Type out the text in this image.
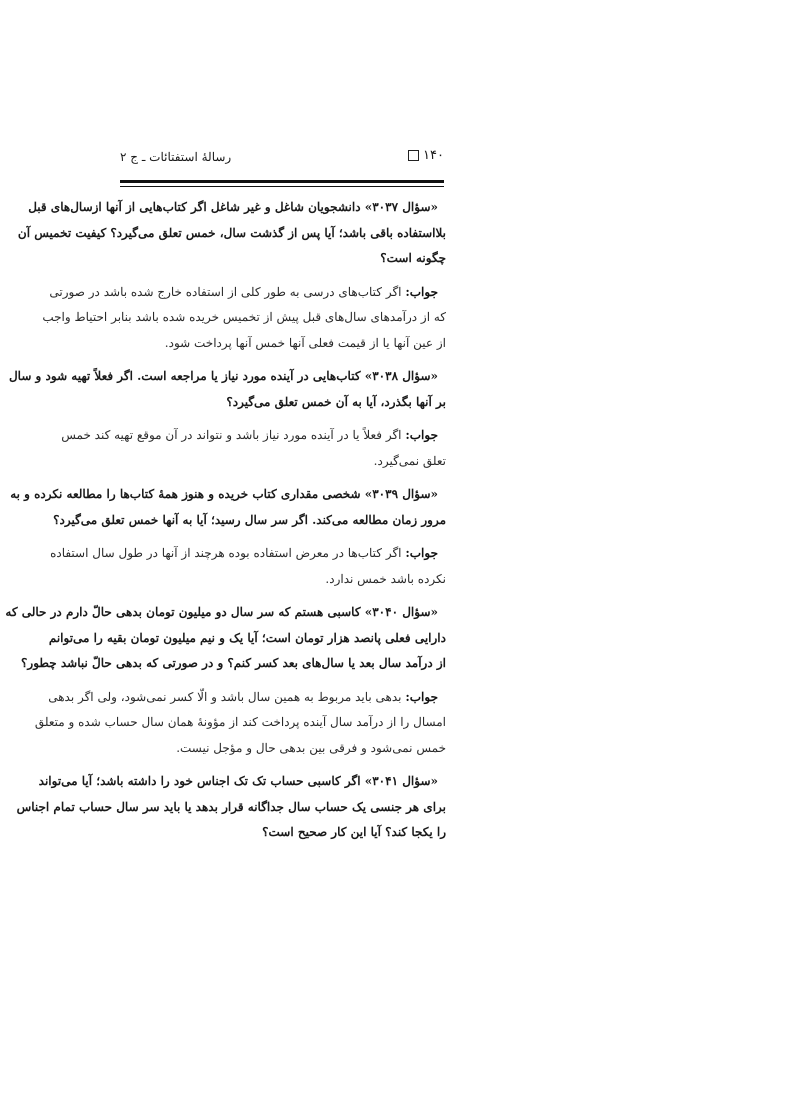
رسالهٔ استفتائات ـ ج ۲	۱۴۰
«سؤال ۳۰۳۷» دانشجویان شاغل و غیر شاغل اگر کتاب‌هایی از آنها ازسال‌های قبل
بلااستفاده باقی باشد؛ آیا پس از گذشت سال، خمس تعلق می‌گیرد؟ کیفیت تخمیس آن
چگونه است؟
جواب: اگر کتاب‌های درسی به طور کلی از استفاده خارج شده باشد در صورتی
که از درآمدهای سال‌های قبل پیش از تخمیس خریده شده باشد بنابر احتیاط واجب
از عین آنها یا از قیمت فعلی آنها خمس آنها پرداخت شود.
«سؤال ۳۰۳۸» کتاب‌هایی در آینده مورد نیاز یا مراجعه است. اگر فعلاً تهیه شود و سال
بر آنها بگذرد، آیا به آن خمس تعلق می‌گیرد؟
جواب: اگر فعلاً یا در آینده مورد نیاز باشد و نتواند در آن موقع تهیه کند خمس
تعلق نمی‌گیرد.
«سؤال ۳۰۳۹» شخصی مقداری کتاب خریده و هنوز همهٔ کتاب‌ها را مطالعه نکرده و به
مرور زمان مطالعه می‌کند. اگر سر سال رسید؛ آیا به آنها خمس تعلق می‌گیرد؟
جواب: اگر کتاب‌ها در معرض استفاده بوده هرچند از آنها در طول سال استفاده
نکرده باشد خمس ندارد.
«سؤال ۳۰۴۰» کاسبی هستم که سر سال دو میلیون تومان بدهی حالّ دارم در حالی که
دارایی فعلی پانصد هزار تومان است؛ آیا یک و نیم میلیون تومان بقیه را می‌توانم
از درآمد سال بعد یا سال‌های بعد کسر کنم؟ و در صورتی که بدهی حالّ نباشد چطور؟
جواب: بدهی باید مربوط به همین سال باشد و الّا کسر نمی‌شود، ولی اگر بدهی
امسال را از درآمد سال آینده پرداخت کند از مؤونهٔ همان سال حساب شده و متعلق
خمس نمی‌شود و فرقی بین بدهی حال و مؤجل نیست.
«سؤال ۳۰۴۱» اگر کاسبی حساب تک تک اجناس خود را داشته باشد؛ آیا می‌تواند
برای هر جنسی یک حساب سال جداگانه قرار بدهد یا باید سر سال حساب تمام اجناس
را یکجا کند؟ آیا این کار صحیح است؟
